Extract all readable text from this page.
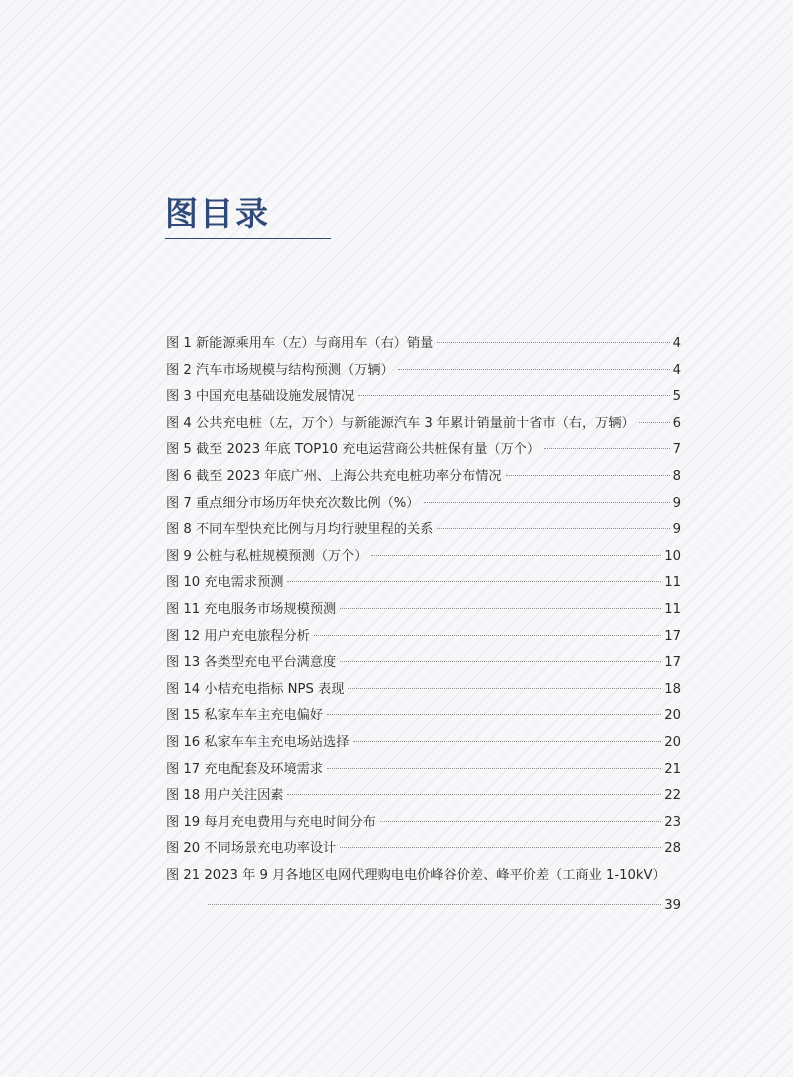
图目录
图 1 新能源乘用车（左）与商用车（右）销量	4
图 2 汽车市场规模与结构预测（万辆）	4
图 3 中国充电基础设施发展情况	5
图 4 公共充电桩（左，万个）与新能源汽车 3 年累计销量前十省市（右，万辆）	6
图 5 截至 2023 年底 TOP10 充电运营商公共桩保有量（万个）	7
图 6 截至 2023 年底广州、上海公共充电桩功率分布情况	8
图 7 重点细分市场历年快充次数比例（%）	9
图 8 不同车型快充比例与月均行驶里程的关系	9
图 9 公桩与私桩规模预测（万个）	10
图 10 充电需求预测	11
图 11 充电服务市场规模预测	11
图 12 用户充电旅程分析	17
图 13 各类型充电平台满意度	17
图 14 小桔充电指标 NPS 表现	18
图 15 私家车车主充电偏好	20
图 16 私家车车主充电场站选择	20
图 17 充电配套及环境需求	21
图 18 用户关注因素	22
图 19 每月充电费用与充电时间分布	23
图 20 不同场景充电功率设计	28
图 21 2023 年 9 月各地区电网代理购电电价峰谷价差、峰平价差（工商业 1-10kV）
39
